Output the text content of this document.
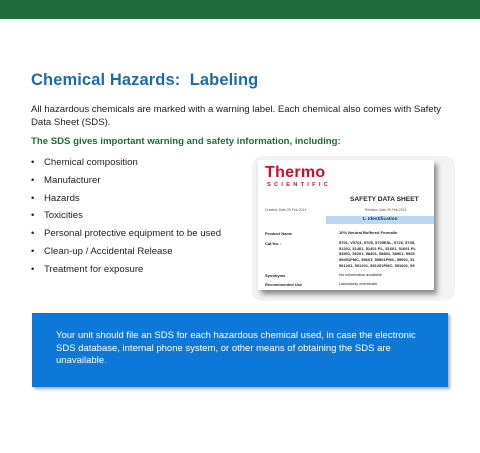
Chemical Hazards:  Labeling
All hazardous chemicals are marked with a warning label. Each chemical also comes with Safety Data Sheet (SDS).
The SDS gives important warning and safety information, including:
• Chemical composition
• Manufacturer
• Hazards
• Toxicities
• Personal protective equipment to be used
• Clean-up / Accidental Release
• Treatment for exposure
Thermo
SCIENTIFIC
SAFETY DATA SHEET
Creation Date 09-Feb-2014	Revision Date 09-Feb-2014
1. Identification
Product Name	10% Neutral Buffered Formalin
Cat No. :	5701, V5701, 5705, 5705ESL, 5725, 5735,
51201, 51401, 51401 PL, 51601, 51601 PL
53901, 56201, 58401, 58801, 58901, 5925
59401PMC, 59601, 59801PMC, 59901, 51
561201, 591201, 591201PMC, 591601, 59
Synonyms	No information available
Recommended Use	Laboratory chemicals
Your unit should file an SDS for each hazardous chemical used, in case the electronic SDS database, internal phone system, or other means of obtaining the SDS are unavailable.
